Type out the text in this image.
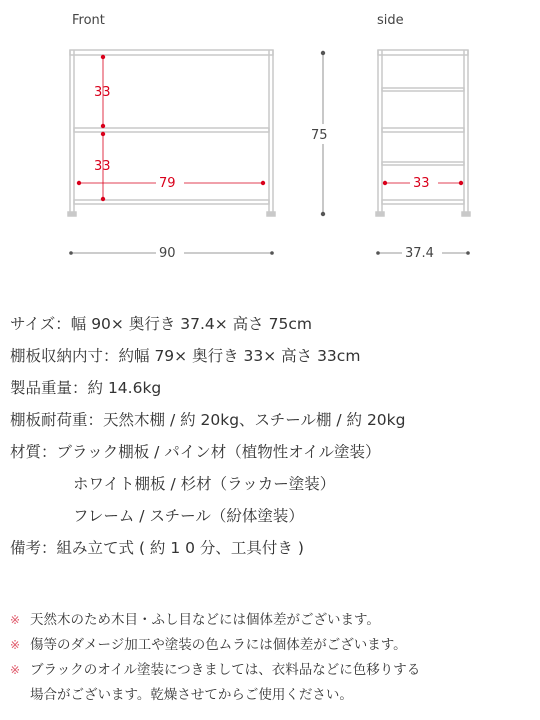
Front
33
33
79
75
90
side
33
37.4
サイズ： 幅 90× 奥行き 37.4× 高さ 75cm
棚板収納内寸： 約幅 79× 奥行き 33× 高さ 33cm
製品重量： 約 14.6kg
棚板耐荷重： 天然木棚 / 約 20kg、スチール棚 / 約 20kg
材質： ブラック棚板 / パイン材（植物性オイル塗装）
ホワイト棚板 / 杉材（ラッカー塗装）
フレーム / スチール（紛体塗装）
備考： 組み立て式 ( 約 1 0 分、工具付き )
※ 天然木のため木目・ふし目などには個体差がございます。
※ 傷等のダメージ加工や塗装の色ムラには個体差がございます。
※ ブラックのオイル塗装につきましては、衣料品などに色移りする
場合がございます。乾燥させてからご使用ください。
